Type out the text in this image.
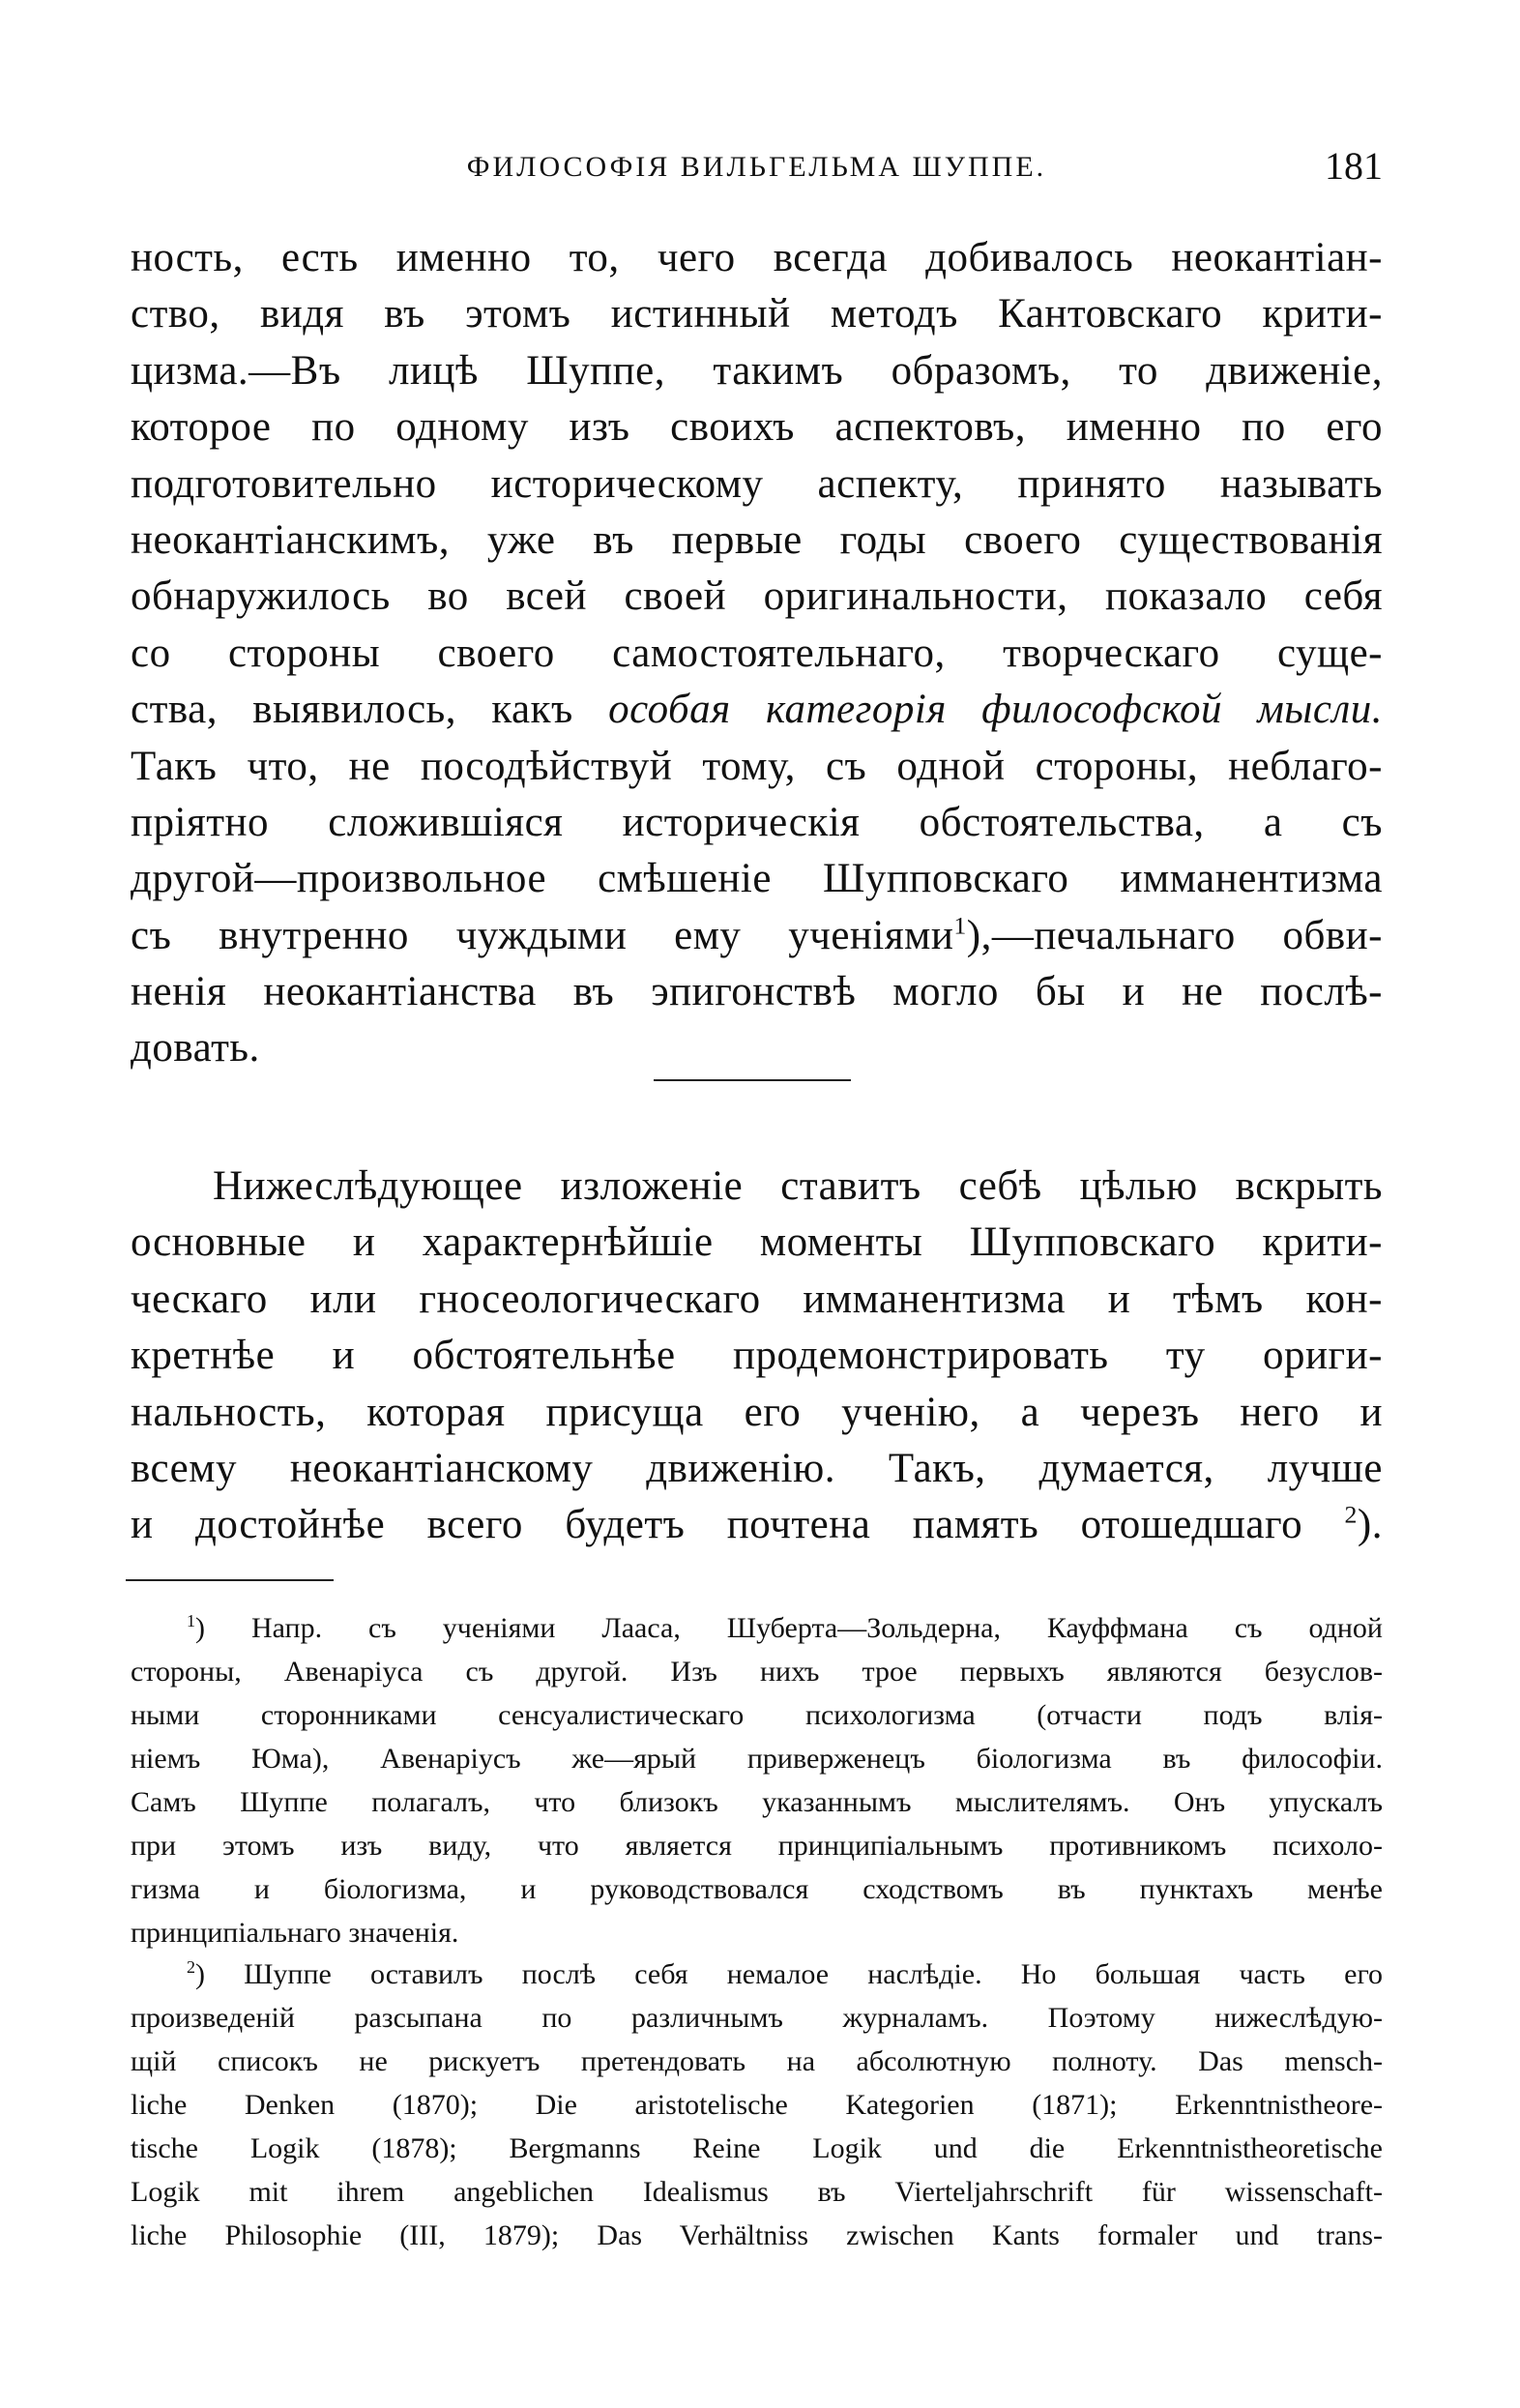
ФИЛОСОФІЯ ВИЛЬГЕЛЬМА ШУППЕ.	181
ность, есть именно то, чего всегда добивалось неокантіан-
ство, видя въ этомъ истинный методъ Кантовскаго крити-
цизма.—Въ лицѣ Шуппе, такимъ образомъ, то движеніе,
которое по одному изъ своихъ аспектовъ, именно по его
подготовительно историческому аспекту, принято называть
неокантіанскимъ, уже въ первые годы своего существованія
обнаружилось во всей своей оригинальности, показало себя
со стороны своего самостоятельнаго, творческаго суще-
ства, выявилось, какъ особая категорія философской мысли.
Такъ что, не посодѣйствуй тому, съ одной стороны, неблаго-
пріятно сложившіяся историческія обстоятельства, а съ
другой—произвольное смѣшеніе Шупповскаго имманентизма
съ внутренно чуждыми ему ученіями$^1$),—печальнаго обви-
ненія неокантіанства въ эпигонствѣ могло бы и не послѣ-
довать.
Нижеслѣдующее изложеніе ставитъ себѣ цѣлью вскрыть
основные и характернѣйшіе моменты Шупповскаго крити-
ческаго или гносеологическаго имманентизма и тѣмъ кон-
кретнѣе и обстоятельнѣе продемонстрировать ту ориги-
нальность, которая присуща его ученію, а черезъ него и
всему неокантіанскому движенію. Такъ, думается, лучше
и достойнѣе всего будетъ почтена память отошедшаго $^2$).
$^1$) Напр. съ ученіями Лааса, Шуберта—Зольдерна, Кауффмана съ одной
стороны, Авенаріуса съ другой. Изъ нихъ трое первыхъ являются безуслов-
ными сторонниками сенсуалистическаго психологизма (отчасти подъ влія-
ніемъ Юма), Авенаріусъ же—ярый приверженецъ біологизма въ философіи.
Самъ Шуппе полагалъ, что близокъ указаннымъ мыслителямъ. Онъ упускалъ
при этомъ изъ виду, что является принципіальнымъ противникомъ психоло-
гизма и біологизма, и руководствовался сходствомъ въ пунктахъ менѣе
принципіальнаго значенія.
$^2$) Шуппе оставилъ послѣ себя немалое наслѣдіе. Но большая часть его
произведеній разсыпана по различнымъ журналамъ. Поэтому нижеслѣдую-
щій списокъ не рискуетъ претендовать на абсолютную полноту. Das mensch-
liche Denken (1870); Die aristotelische Kategorien (1871); Erkenntnistheore-
tische Logik (1878); Bergmanns Reine Logik und die Erkenntnistheoretische
Logik mit ihrem angeblichen Idealismus въ Vierteljahrschrift für wissenschaft-
liche Philosophie (III, 1879); Das Verhältniss zwischen Kants formaler und trans-
